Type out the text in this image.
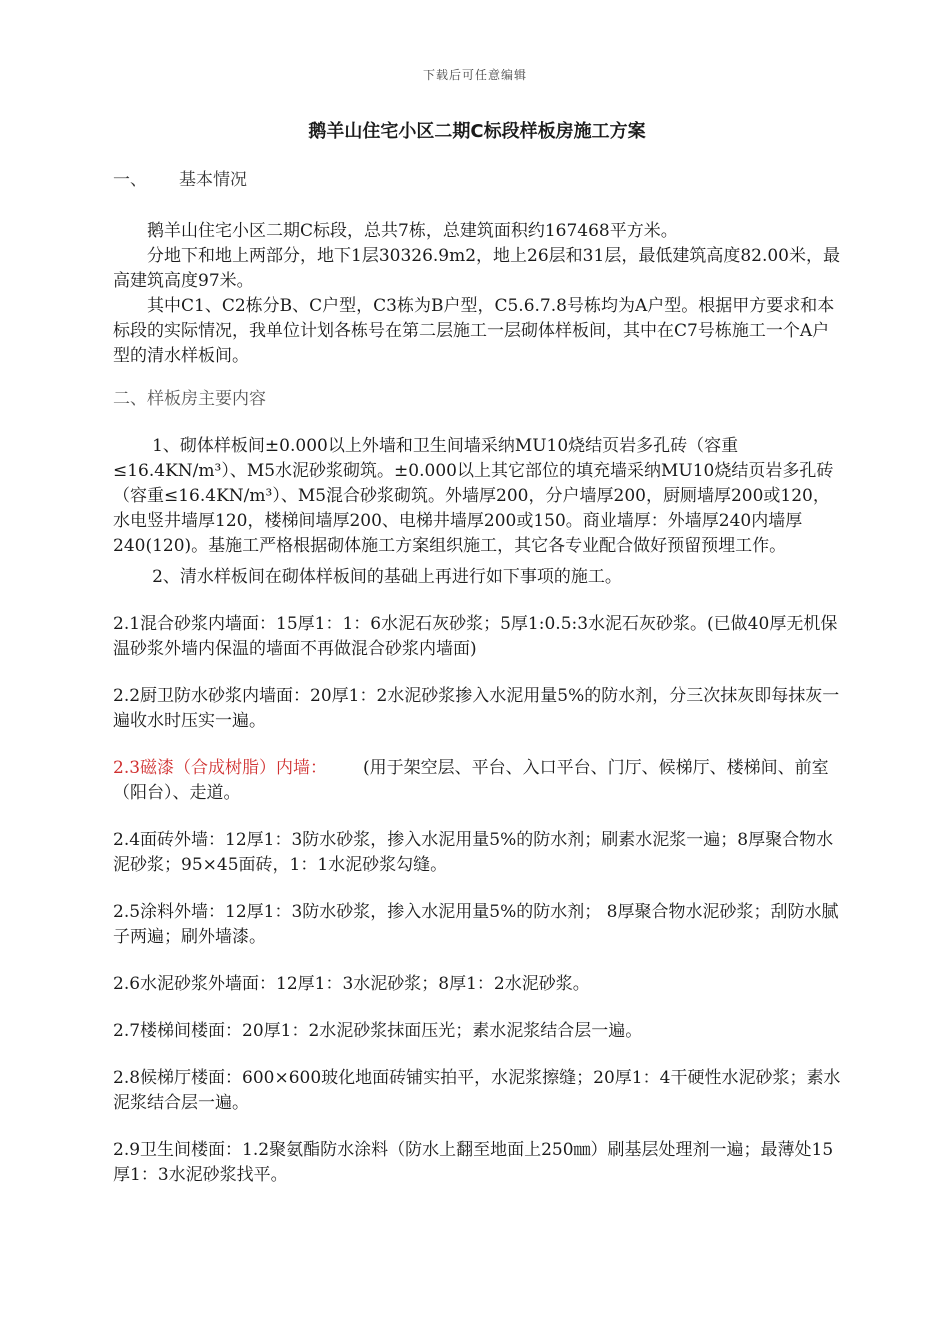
下载后可任意编辑
鹅羊山住宅小区二期C标段样板房施工方案
一、 基本情况

鹅羊山住宅小区二期C标段，总共7栋，总建筑面积约167468平方米。

分地下和地上两部分，地下1层30326.9m2，地上26层和31层，最低建筑高度82.00米，最高建筑高度97米。

其中C1、C2栋分B、C户型，C3栋为B户型，C5.6.7.8号栋均为A户型。根据甲方要求和本标段的实际情况，我单位计划各栋号在第二层施工一层砌体样板间，其中在C7号栋施工一个A户型的清水样板间。

二、样板房主要内容

1、砌体样板间±0.000以上外墙和卫生间墙采纳MU10烧结页岩多孔砖（容重≤16.4KN/m³）、M5水泥砂浆砌筑。±0.000以上其它部位的填充墙采纳MU10烧结页岩多孔砖（容重≤16.4KN/m³）、M5混合砂浆砌筑。外墙厚200，分户墙厚200，厨厕墙厚200或120，水电竖井墙厚120，楼梯间墙厚200、电梯井墙厚200或150。商业墙厚：外墙厚240内墙厚240(120)。基施工严格根据砌体施工方案组织施工，其它各专业配合做好预留预埋工作。

2、清水样板间在砌体样板间的基础上再进行如下事项的施工。

2.1混合砂浆内墙面：15厚1：1：6水泥石灰砂浆；5厚1:0.5:3水泥石灰砂浆。(已做40厚无机保温砂浆外墙内保温的墙面不再做混合砂浆内墙面)

2.2厨卫防水砂浆内墙面：20厚1：2水泥砂浆掺入水泥用量5%的防水剂，分三次抹灰即每抹灰一遍收水时压实一遍。

2.3磁漆（合成树脂）内墙： (用于架空层、平台、入口平台、门厅、候梯厅、楼梯间、前室（阳台）、走道。

2.4面砖外墙：12厚1：3防水砂浆，掺入水泥用量5%的防水剂；刷素水泥浆一遍；8厚聚合物水泥砂浆；95×45面砖，1：1水泥砂浆勾缝。

2.5涂料外墙：12厚1：3防水砂浆，掺入水泥用量5%的防水剂； 8厚聚合物水泥砂浆；刮防水腻子两遍；刷外墙漆。

2.6水泥砂浆外墙面：12厚1：3水泥砂浆；8厚1：2水泥砂浆。

2.7楼梯间楼面：20厚1：2水泥砂浆抹面压光；素水泥浆结合层一遍。

2.8候梯厅楼面：600×600玻化地面砖铺实拍平，水泥浆擦缝；20厚1：4干硬性水泥砂浆；素水泥浆结合层一遍。

2.9卫生间楼面：1.2聚氨酯防水涂料（防水上翻至地面上250㎜）刷基层处理剂一遍；最薄处15厚1：3水泥砂浆找平。
